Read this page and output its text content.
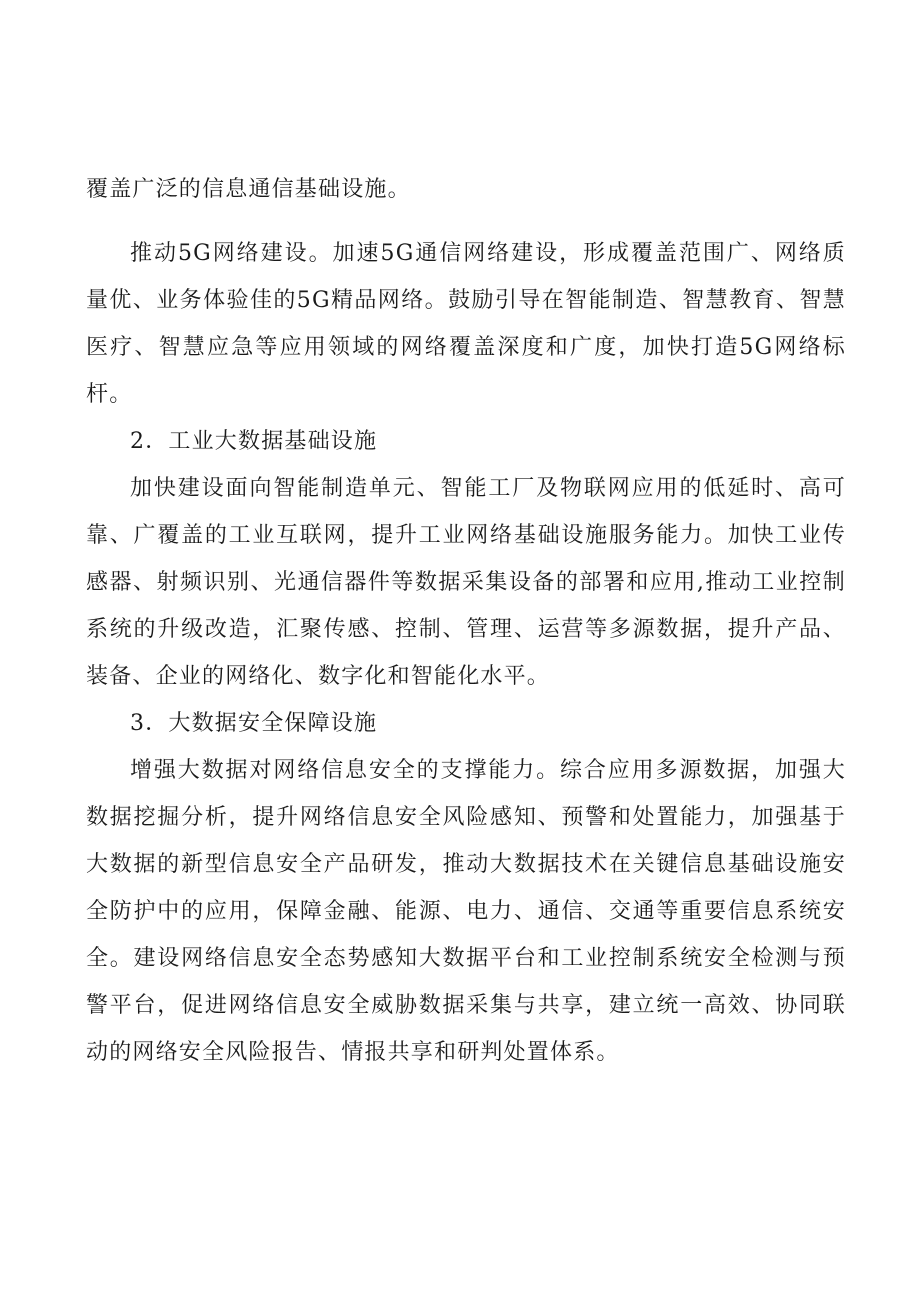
覆盖广泛的信息通信基础设施。

推动5G网络建设。加速5G通信网络建设，形成覆盖范围广、网络质量优、业务体验佳的5G精品网络。鼓励引导在智能制造、智慧教育、智慧医疗、智慧应急等应用领域的网络覆盖深度和广度，加快打造5G网络标杆。

2．工业大数据基础设施

加快建设面向智能制造单元、智能工厂及物联网应用的低延时、高可靠、广覆盖的工业互联网，提升工业网络基础设施服务能力。加快工业传感器、射频识别、光通信器件等数据采集设备的部署和应用,推动工业控制系统的升级改造，汇聚传感、控制、管理、运营等多源数据，提升产品、装备、企业的网络化、数字化和智能化水平。

3．大数据安全保障设施

增强大数据对网络信息安全的支撑能力。综合应用多源数据，加强大数据挖掘分析，提升网络信息安全风险感知、预警和处置能力，加强基于大数据的新型信息安全产品研发，推动大数据技术在关键信息基础设施安全防护中的应用，保障金融、能源、电力、通信、交通等重要信息系统安全。建设网络信息安全态势感知大数据平台和工业控制系统安全检测与预警平台，促进网络信息安全威胁数据采集与共享，建立统一高效、协同联动的网络安全风险报告、情报共享和研判处置体系。
